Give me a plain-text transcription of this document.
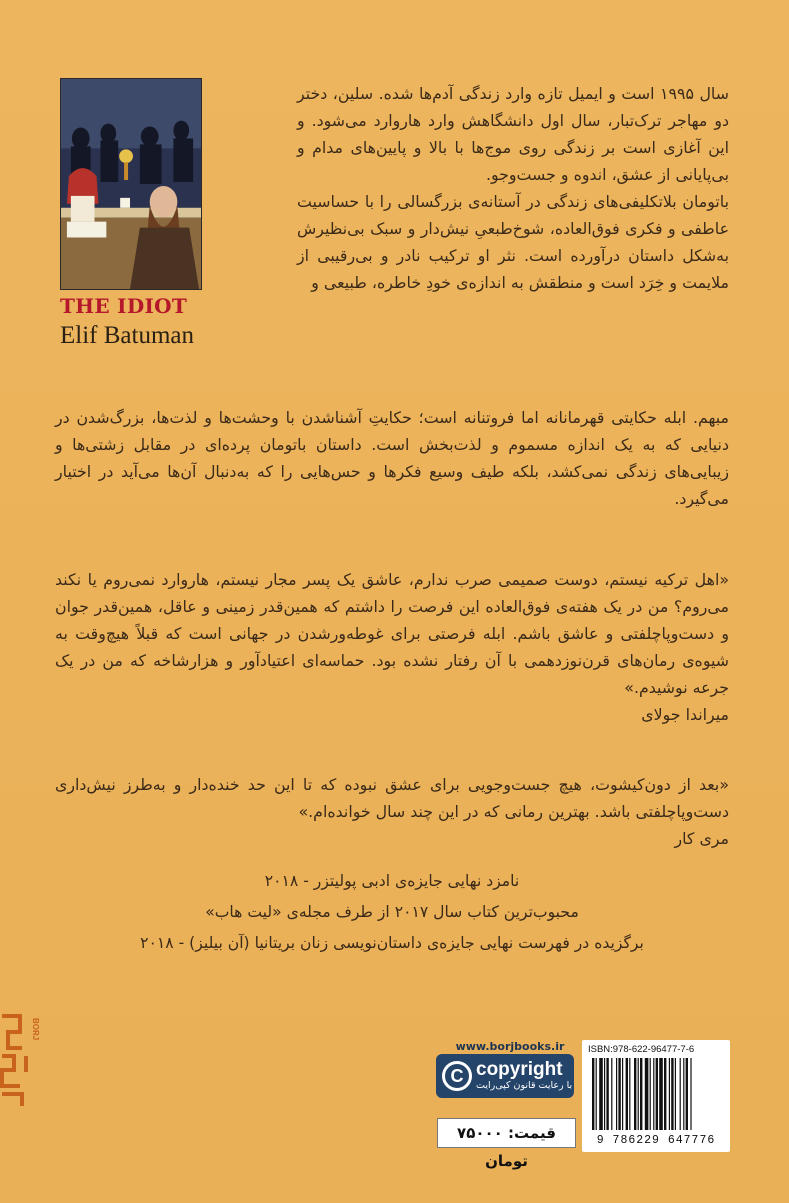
THE IDIOT
Elif Batuman

سال ۱۹۹۵ است و ایمیل تازه وارد زندگی آدم‌ها شده. سلین، دختر دو مهاجر ترک‌تبار، سال اول دانشگاهش وارد هاروارد می‌شود. و این آغازی است بر زندگی روی موج‌ها با بالا و پایین‌های مدام و بی‌پایانی از عشق، اندوه و جست‌وجو.

باتومان بلاتکلیفی‌های زندگی در آستانه‌ی بزرگسالی را با حساسیت عاطفی و فکری فوق‌العاده، شوخ‌طبعیِ نیش‌دار و سبک بی‌نظیرش به‌شکل داستان درآورده است. نثر او ترکیب نادر و بی‌رقیبی از ملایمت و خِرَد است و منطقش به اندازه‌ی خودِ خاطره، طبیعی و

مبهم. ابله حکایتی قهرمانانه اما فروتنانه است؛ حکایتِ آشناشدن با وحشت‌ها و لذت‌ها، بزرگ‌شدن در دنیایی که به یک اندازه مسموم و لذت‌بخش است. داستان باتومان پرده‌ای در مقابل زشتی‌ها و زیبایی‌های زندگی نمی‌کشد، بلکه طیف وسیع فکرها و حس‌هایی را که به‌دنبال آن‌ها می‌آید در اختیار می‌گیرد.

«اهل ترکیه نیستم، دوست صمیمی صرب ندارم، عاشق یک پسر مجار نیستم، هاروارد نمی‌روم یا نکند می‌روم؟ من در یک هفته‌ی فوق‌العاده این فرصت را داشتم که همین‌قدر زمینی و عاقل، همین‌قدر جوان و دست‌وپاچلفتی و عاشق باشم. ابله فرصتی برای غوطه‌ورشدن در جهانی است که قبلاً هیچ‌وقت به شیوه‌ی رمان‌های قرن‌نوزدهمی با آن رفتار نشده بود. حماسه‌ای اعتیادآور و هزارشاخه که من در یک جرعه نوشیدم.»

میراندا جولای

«بعد از دون‌کیشوت، هیچ جست‌وجویی برای عشق نبوده که تا این حد خنده‌دار و به‌طرز نیش‌داری دست‌وپاچلفتی باشد. بهترین رمانی که در این چند سال خوانده‌ام.»

مری کار
نامزد نهایی جایزه‌ی ادبی پولیتزر - ۲۰۱۸
محبوب‌ترین کتاب سال ۲۰۱۷ از طرف مجله‌ی «لیت هاب»
برگزیده در فهرست نهایی جایزه‌ی داستان‌نویسی زنان بریتانیا (آن بیلیز) - ۲۰۱۸
BORJ
www.borjbooks.ir
C copyright
با رعایت قانون کپی‌رایت
ISBN:978-622-96477-7-6
9 786229 647776
قیمت: ۷۵۰۰۰ تومان
